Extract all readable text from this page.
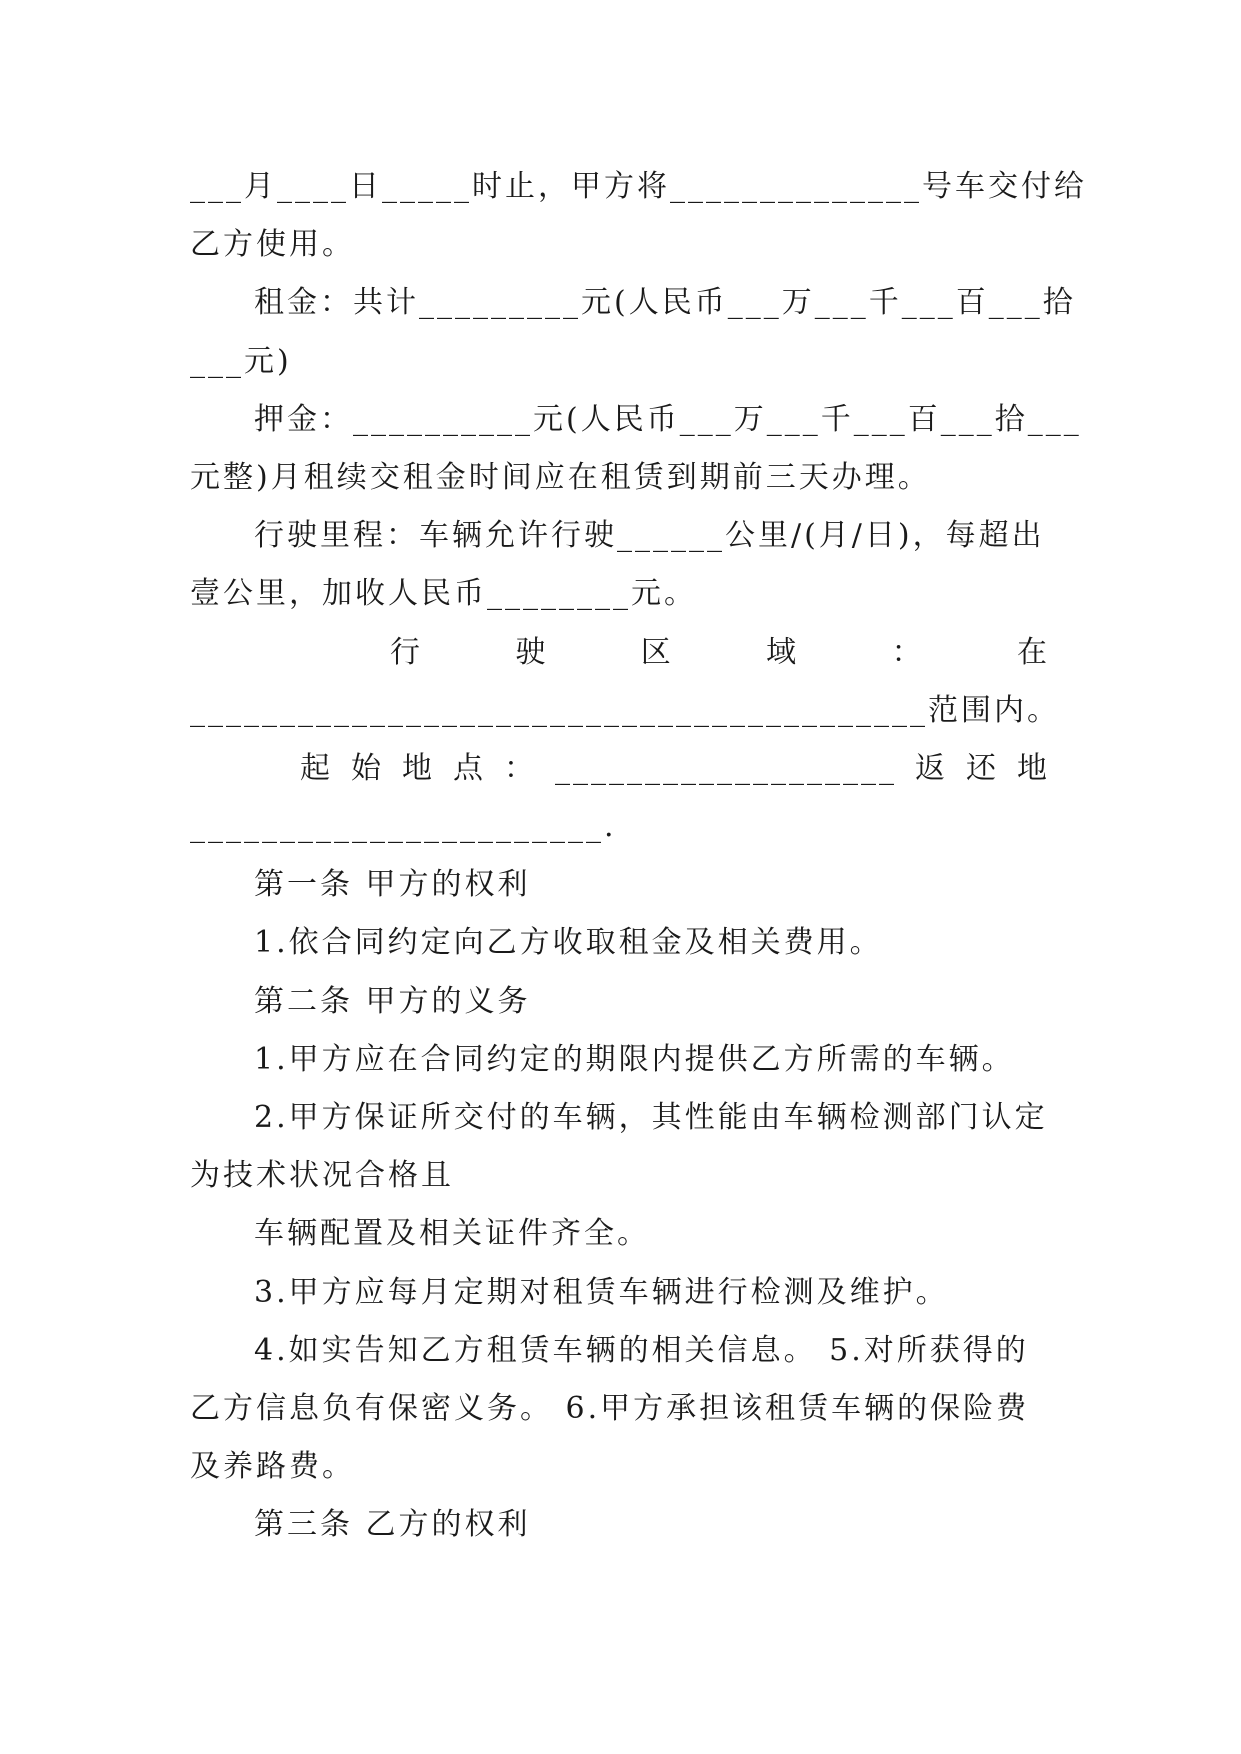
___月____日_____时止，甲方将______________号车交付给
乙方使用。
租金：共计_________元(人民币___万___千___百___拾
___元)
押金：__________元(人民币___万___千___百___拾___
元整)月租续交租金时间应在租赁到期前三天办理。
行驶里程：车辆允许行驶______公里/(月/日)，每超出
壹公里，加收人民币________元。
行	驶	区	域	：	在
_________________________________________范围内。
起 始 地 点 ： ___________________ 返 还 地
_______________________.
第一条 甲方的权利
1.依合同约定向乙方收取租金及相关费用。
第二条 甲方的义务
1.甲方应在合同约定的期限内提供乙方所需的车辆。
2.甲方保证所交付的车辆，其性能由车辆检测部门认定
为技术状况合格且
车辆配置及相关证件齐全。
3.甲方应每月定期对租赁车辆进行检测及维护。
4.如实告知乙方租赁车辆的相关信息。 5.对所获得的
乙方信息负有保密义务。 6.甲方承担该租赁车辆的保险费
及养路费。
第三条 乙方的权利
